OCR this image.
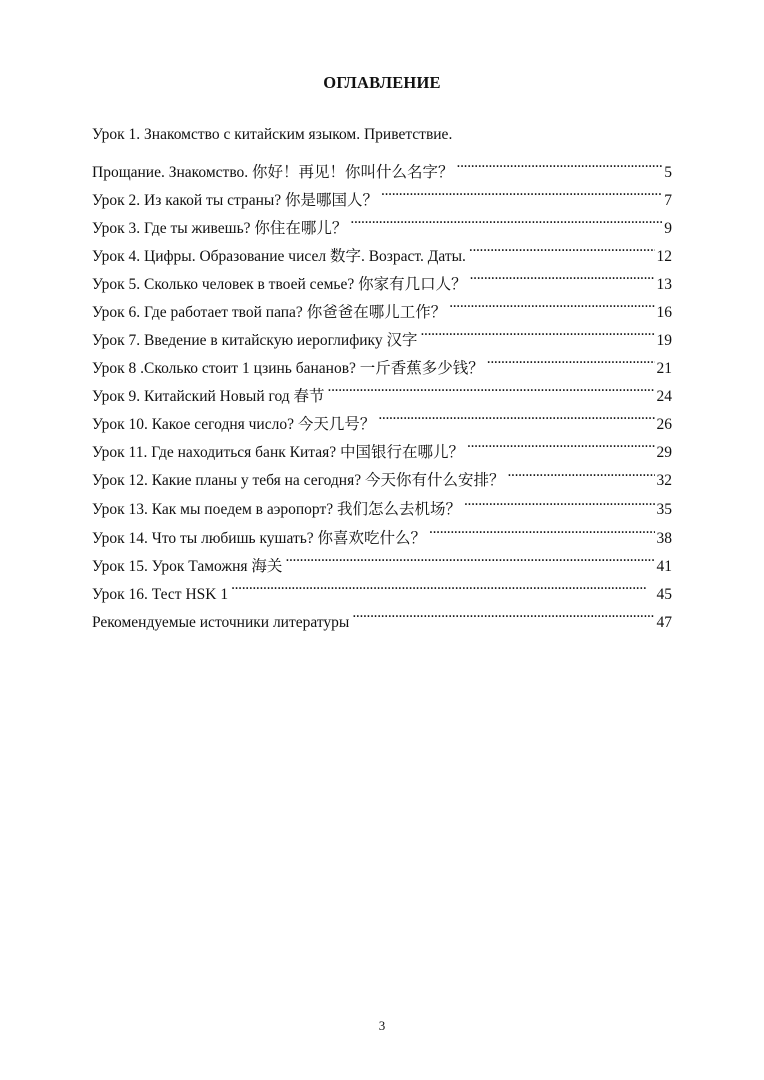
ОГЛАВЛЕНИЕ
Урок 1. Знакомство с китайским языком. Приветствие.
Прощание. Знакомство. 你好！再见！你叫什么名字？ . . .	5
Урок 2. Из какой ты страны? 你是哪国人？ . . .	7
Урок 3. Где ты живешь? 你住在哪儿？ . . .	9
Урок 4. Цифры. Образование чисел 数字. Возраст. Даты. . . .	12
Урок 5. Сколько человек в твоей семье? 你家有几口人？ . . .	13
Урок 6. Где работает твой папа? 你爸爸在哪儿工作？ . . .	16
Урок 7. Введение в китайскую иероглифику 汉字 . . .	19
Урок 8 .Сколько стоит 1 цзинь бананов? 一斤香蕉多少钱？ . . .	21
Урок 9. Китайский Новый год 春节 . . .	24
Урок 10. Какое сегодня число? 今天几号？ . . .	26
Урок 11. Где находиться банк Китая? 中国银行在哪儿？ . . .	29
Урок 12. Какие планы у тебя на сегодня? 今天你有什么安排？ . . .	32
Урок 13. Как мы поедем в аэропорт? 我们怎么去机场？ . . .	35
Урок 14. Что ты любишь кушать? 你喜欢吃什么？ . . .	38
Урок 15. Урок Таможня 海关 . . .	41
Урок 16. Тест HSK 1 . . .	45
Рекомендуемые источники литературы . . .	47
3
